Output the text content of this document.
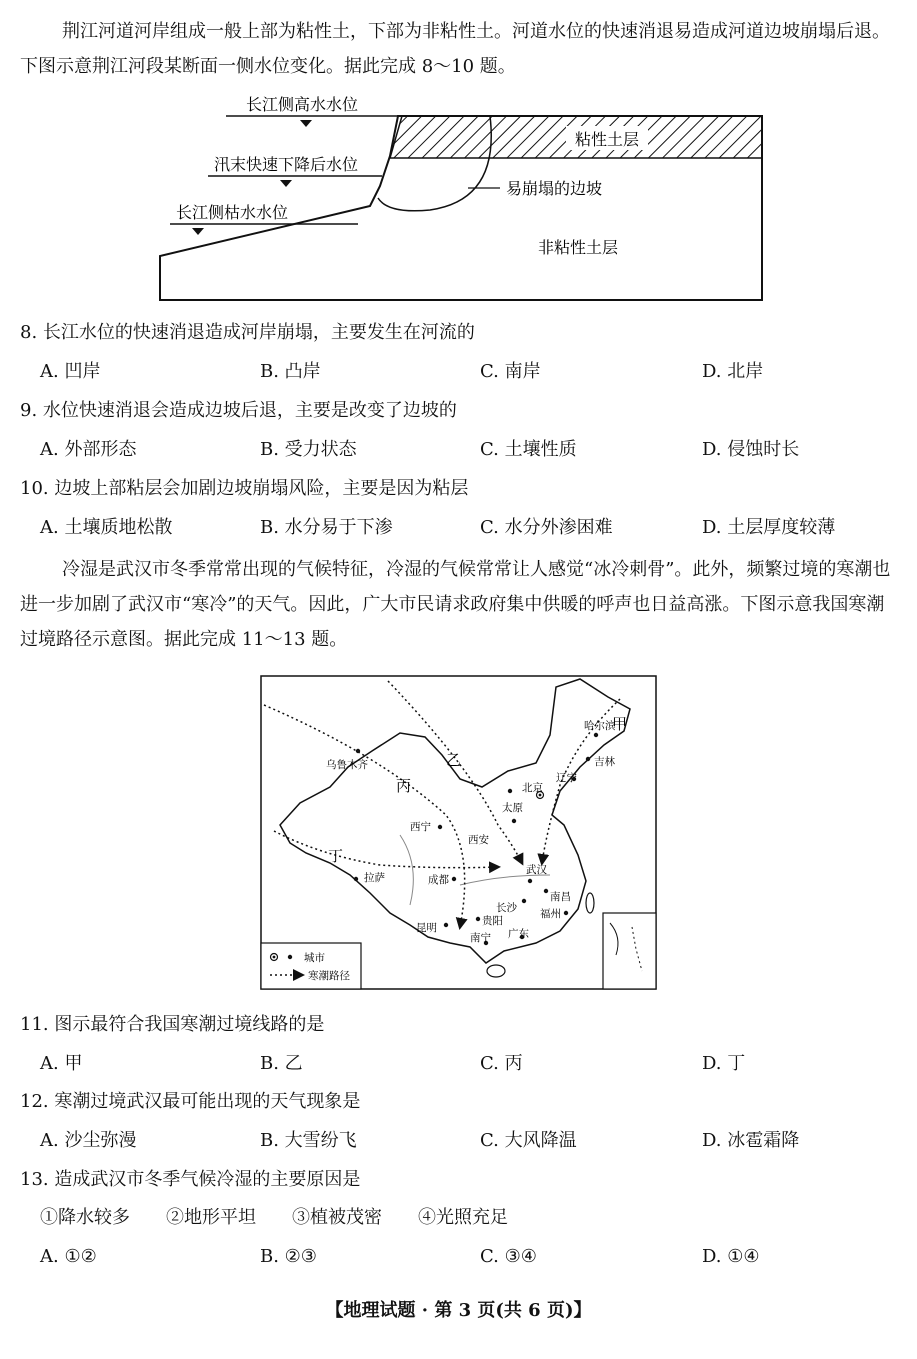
荆江河道河岸组成一般上部为粘性土，下部为非粘性土。河道水位的快速消退易造成河道边坡崩塌后退。下图示意荆江河段某断面一侧水位变化。据此完成 8～10 题。
粘性土层
易崩塌的边坡
非粘性土层
长江侧高水水位
汛末快速下降后水位
长江侧枯水水位
8. 长江水位的快速消退造成河岸崩塌，主要发生在河流的
A. 凹岸	B. 凸岸	C. 南岸	D. 北岸
9. 水位快速消退会造成边坡后退，主要是改变了边坡的
A. 外部形态	B. 受力状态	C. 土壤性质	D. 侵蚀时长
10. 边坡上部粘层会加剧边坡崩塌风险，主要是因为粘层
A. 土壤质地松散	B. 水分易于下渗	C. 水分外渗困难	D. 土层厚度较薄
冷湿是武汉市冬季常常出现的气候特征，冷湿的气候常常让人感觉“冰冷刺骨”。此外，频繁过境的寒潮也进一步加剧了武汉市“寒冷”的天气。因此，广大市民请求政府集中供暖的呼声也日益高涨。下图示意我国寒潮过境路径示意图。据此完成 11～13 题。
甲
乙
丙
丁
乌鲁木齐
哈尔滨
吉林
北京
辽宁
太原
西宁
西安
武汉
拉萨	成都
长沙
南昌
福州
贵阳
昆明
南宁 广东
城市
寒潮路径
11. 图示最符合我国寒潮过境线路的是
A. 甲	B. 乙	C. 丙	D. 丁
12. 寒潮过境武汉最可能出现的天气现象是
A. 沙尘弥漫	B. 大雪纷飞	C. 大风降温	D. 冰雹霜降
13. 造成武汉市冬季气候冷湿的主要原因是
①降水较多　　②地形平坦　　③植被茂密　　④光照充足
A. ①②	B. ②③	C. ③④	D. ①④
【地理试题 · 第 3 页(共 6 页)】
